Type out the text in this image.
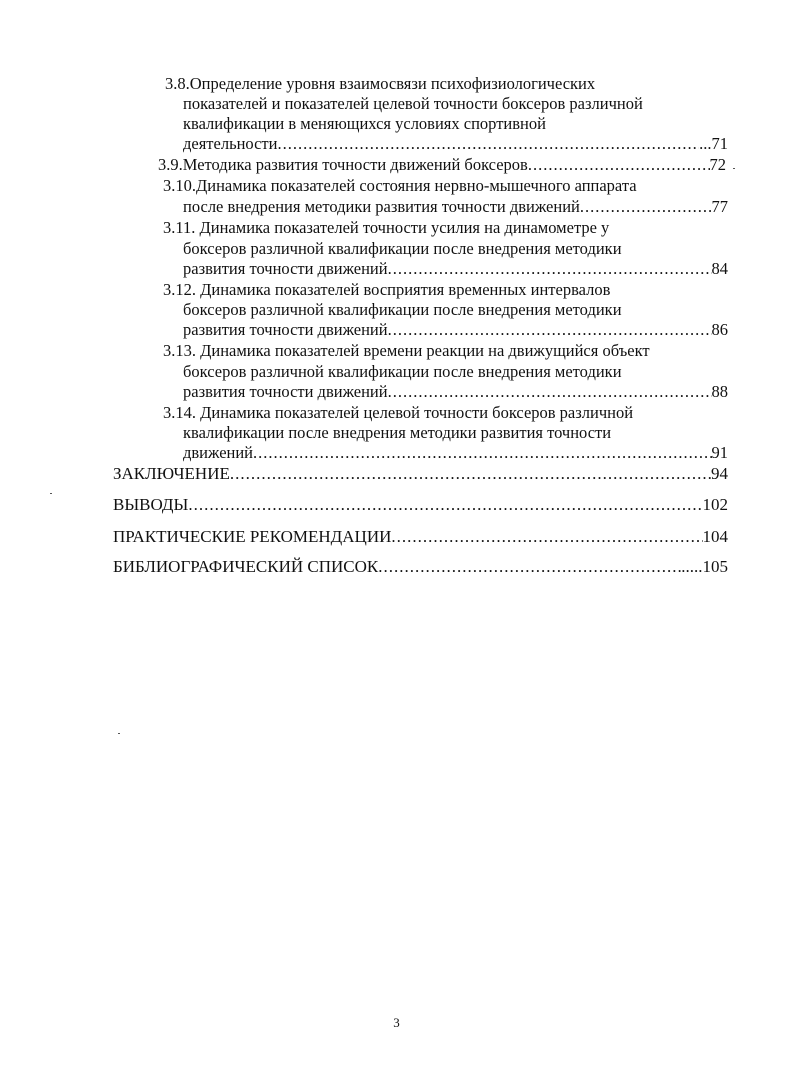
3.8.Определение уровня взаимосвязи психофизиологических
показателей и показателей целевой точности боксеров различной
квалификации в меняющихся условиях спортивной
деятельности .....	...71
3.9.Методика развития точности движений боксеров .....	72
3.10.Динамика показателей состояния нервно-мышечного аппарата
после внедрения методики развития точности движений .....	77
3.11. Динамика показателей точности усилия на динамометре у
боксеров различной квалификации после внедрения методики
развития точности движений .....	84
3.12. Динамика показателей восприятия временных интервалов
боксеров различной квалификации после внедрения методики
развития точности движений .....	86
3.13. Динамика показателей времени реакции на движущийся объект
боксеров различной квалификации после внедрения методики
развития точности движений .....	88
3.14. Динамика показателей целевой точности боксеров различной
квалификации после внедрения методики развития точности
движений .....	91
ЗАКЛЮЧЕНИЕ .....	94
ВЫВОДЫ .....	102
ПРАКТИЧЕСКИЕ РЕКОМЕНДАЦИИ .....	104
БИБЛИОГРАФИЧЕСКИЙ СПИСОК .....	.....105
3
